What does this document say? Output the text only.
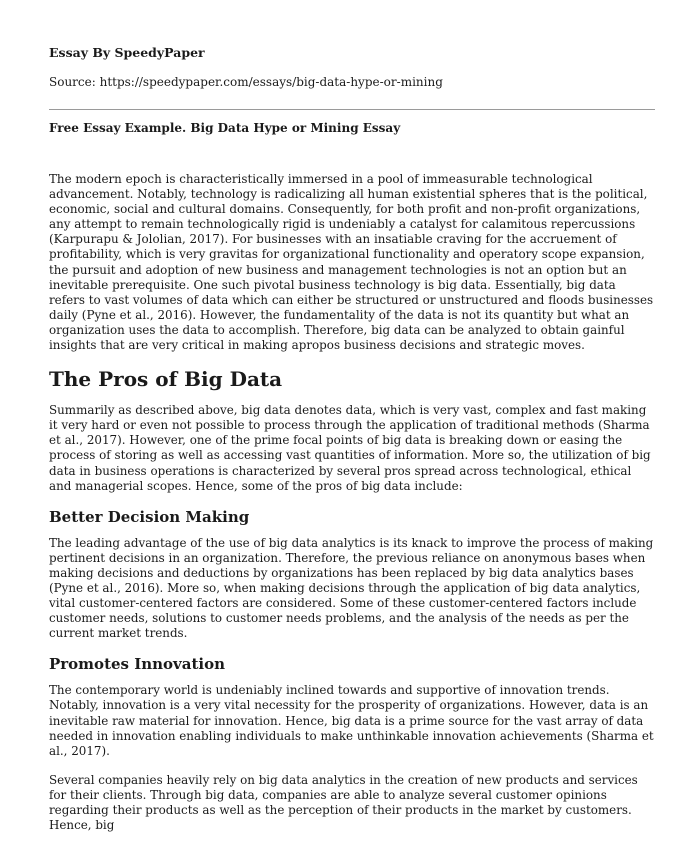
Essay By SpeedyPaper

Source: https://speedypaper.com/essays/big-data-hype-or-mining

Free Essay Example. Big Data Hype or Mining Essay

The modern epoch is characteristically immersed in a pool of immeasurable technological advancement. Notably, technology is radicalizing all human existential spheres that is the political, economic, social and cultural domains. Consequently, for both profit and non-profit organizations, any attempt to remain technologically rigid is undeniably a catalyst for calamitous repercussions (Karpurapu & Jololian, 2017). For businesses with an insatiable craving for the accruement of profitability, which is very gravitas for organizational functionality and operatory scope expansion, the pursuit and adoption of new business and management technologies is not an option but an inevitable prerequisite. One such pivotal business technology is big data. Essentially, big data refers to vast volumes of data which can either be structured or unstructured and floods businesses daily (Pyne et al., 2016). However, the fundamentality of the data is not its quantity but what an organization uses the data to accomplish. Therefore, big data can be analyzed to obtain gainful insights that are very critical in making apropos business decisions and strategic moves.

The Pros of Big Data

Summarily as described above, big data denotes data, which is very vast, complex and fast making it very hard or even not possible to process through the application of traditional methods (Sharma et al., 2017). However, one of the prime focal points of big data is breaking down or easing the process of storing as well as accessing vast quantities of information. More so, the utilization of big data in business operations is characterized by several pros spread across technological, ethical and managerial scopes. Hence, some of the pros of big data include:

Better Decision Making

The leading advantage of the use of big data analytics is its knack to improve the process of making pertinent decisions in an organization. Therefore, the previous reliance on anonymous bases when making decisions and deductions by organizations has been replaced by big data analytics bases (Pyne et al., 2016). More so, when making decisions through the application of big data analytics, vital customer-centered factors are considered. Some of these customer-centered factors include customer needs, solutions to customer needs problems, and the analysis of the needs as per the current market trends.

Promotes Innovation

The contemporary world is undeniably inclined towards and supportive of innovation trends. Notably, innovation is a very vital necessity for the prosperity of organizations. However, data is an inevitable raw material for innovation. Hence, big data is a prime source for the vast array of data needed in innovation enabling individuals to make unthinkable innovation achievements (Sharma et al., 2017).

Several companies heavily rely on big data analytics in the creation of new products and services for their clients. Through big data, companies are able to analyze several customer opinions regarding their products as well as the perception of their products in the market by customers. Hence, big
